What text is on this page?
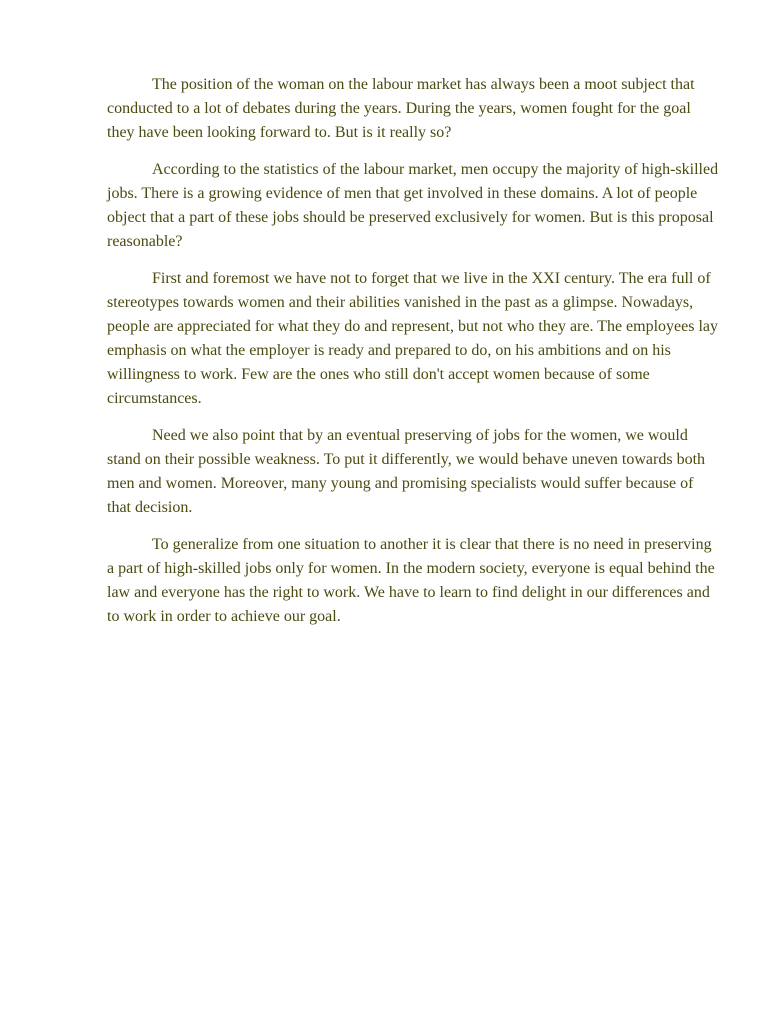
The position of the woman on the labour market has always been a moot subject that conducted to a lot of debates during the years. During the years, women fought for the goal they have been looking forward to. But is it really so?

According to the statistics of the labour market, men occupy the majority of high-skilled jobs. There is a growing evidence of men that get involved in these domains. A lot of people object that a part of these jobs should be preserved exclusively for women. But is this proposal reasonable?

First and foremost we have not to forget that we live in the XXI century. The era full of stereotypes towards women and their abilities vanished in the past as a glimpse. Nowadays, people are appreciated for what they do and represent, but not who they are. The employees lay emphasis on what the employer is ready and prepared to do, on his ambitions and on his willingness to work. Few are the ones who still don't accept women because of some circumstances.

Need we also point that by an eventual preserving of jobs for the women, we would stand on their possible weakness. To put it differently, we would behave uneven towards both men and women. Moreover, many young and promising specialists would suffer because of that decision.

To generalize from one situation to another it is clear that there is no need in preserving a part of high-skilled jobs only for women. In the modern society, everyone is equal behind the law and everyone has the right to work. We have to learn to find delight in our differences and to work in order to achieve our goal.
